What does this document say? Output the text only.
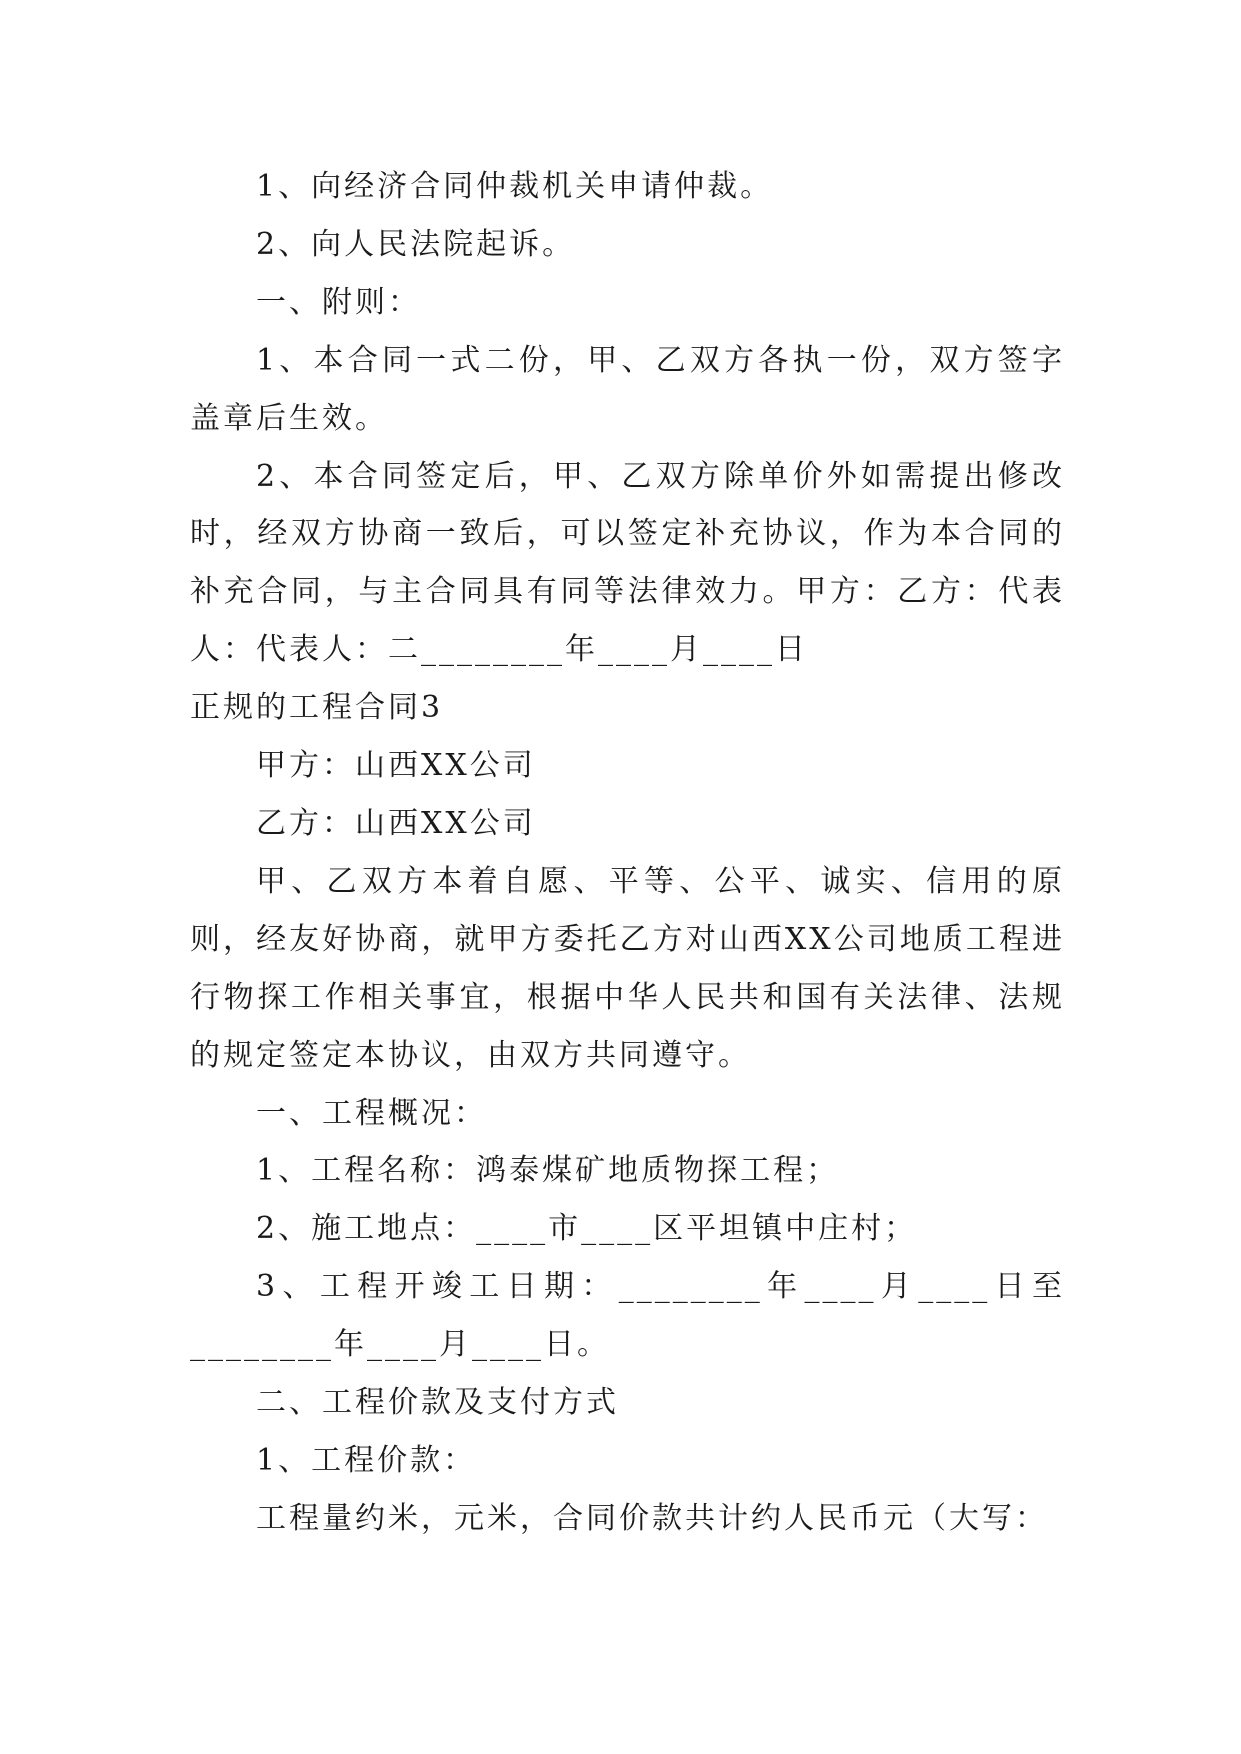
1、向经济合同仲裁机关申请仲裁。

2、向人民法院起诉。

一、附则：

1、本合同一式二份，甲、乙双方各执一份，双方签字盖章后生效。

2、本合同签定后，甲、乙双方除单价外如需提出修改时，经双方协商一致后，可以签定补充协议，作为本合同的补充合同，与主合同具有同等法律效力。甲方：乙方：代表人：代表人：二________年____月____日

正规的工程合同3

甲方：山西XX公司

乙方：山西XX公司

甲、乙双方本着自愿、平等、公平、诚实、信用的原则，经友好协商，就甲方委托乙方对山西XX公司地质工程进行物探工作相关事宜，根据中华人民共和国有关法律、法规的规定签定本协议，由双方共同遵守。

一、工程概况：

1、工程名称：鸿泰煤矿地质物探工程；

2、施工地点：____市____区平坦镇中庄村；

3、工程开竣工日期：________年____月____日至________年____月____日。

二、工程价款及支付方式

1、工程价款：

工程量约米，元米，合同价款共计约人民币元（大写：
